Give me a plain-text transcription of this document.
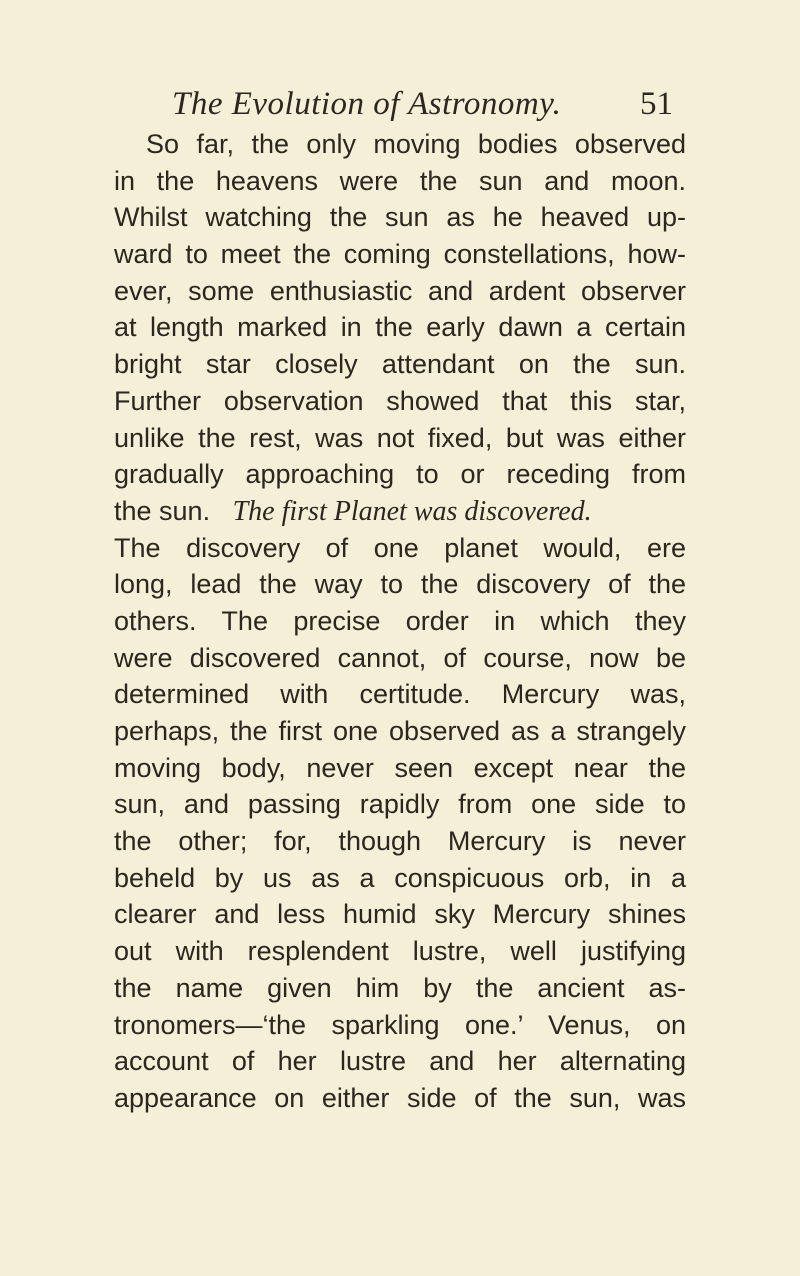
The Evolution of Astronomy.	51
So far, the only moving bodies observed
in the heavens were the sun and moon.
Whilst watching the sun as he heaved up-
ward to meet the coming constellations, how-
ever, some enthusiastic and ardent observer
at length marked in the early dawn a certain
bright star closely attendant on the sun.
Further observation showed that this star,
unlike the rest, was not fixed, but was either
gradually approaching to or receding from
the sun. The first Planet was discovered.
The discovery of one planet would, ere
long, lead the way to the discovery of the
others. The precise order in which they
were discovered cannot, of course, now be
determined with certitude. Mercury was,
perhaps, the first one observed as a strangely
moving body, never seen except near the
sun, and passing rapidly from one side to
the other; for, though Mercury is never
beheld by us as a conspicuous orb, in a
clearer and less humid sky Mercury shines
out with resplendent lustre, well justifying
the name given him by the ancient as-
tronomers—‘the sparkling one.’ Venus, on
account of her lustre and her alternating
appearance on either side of the sun, was
